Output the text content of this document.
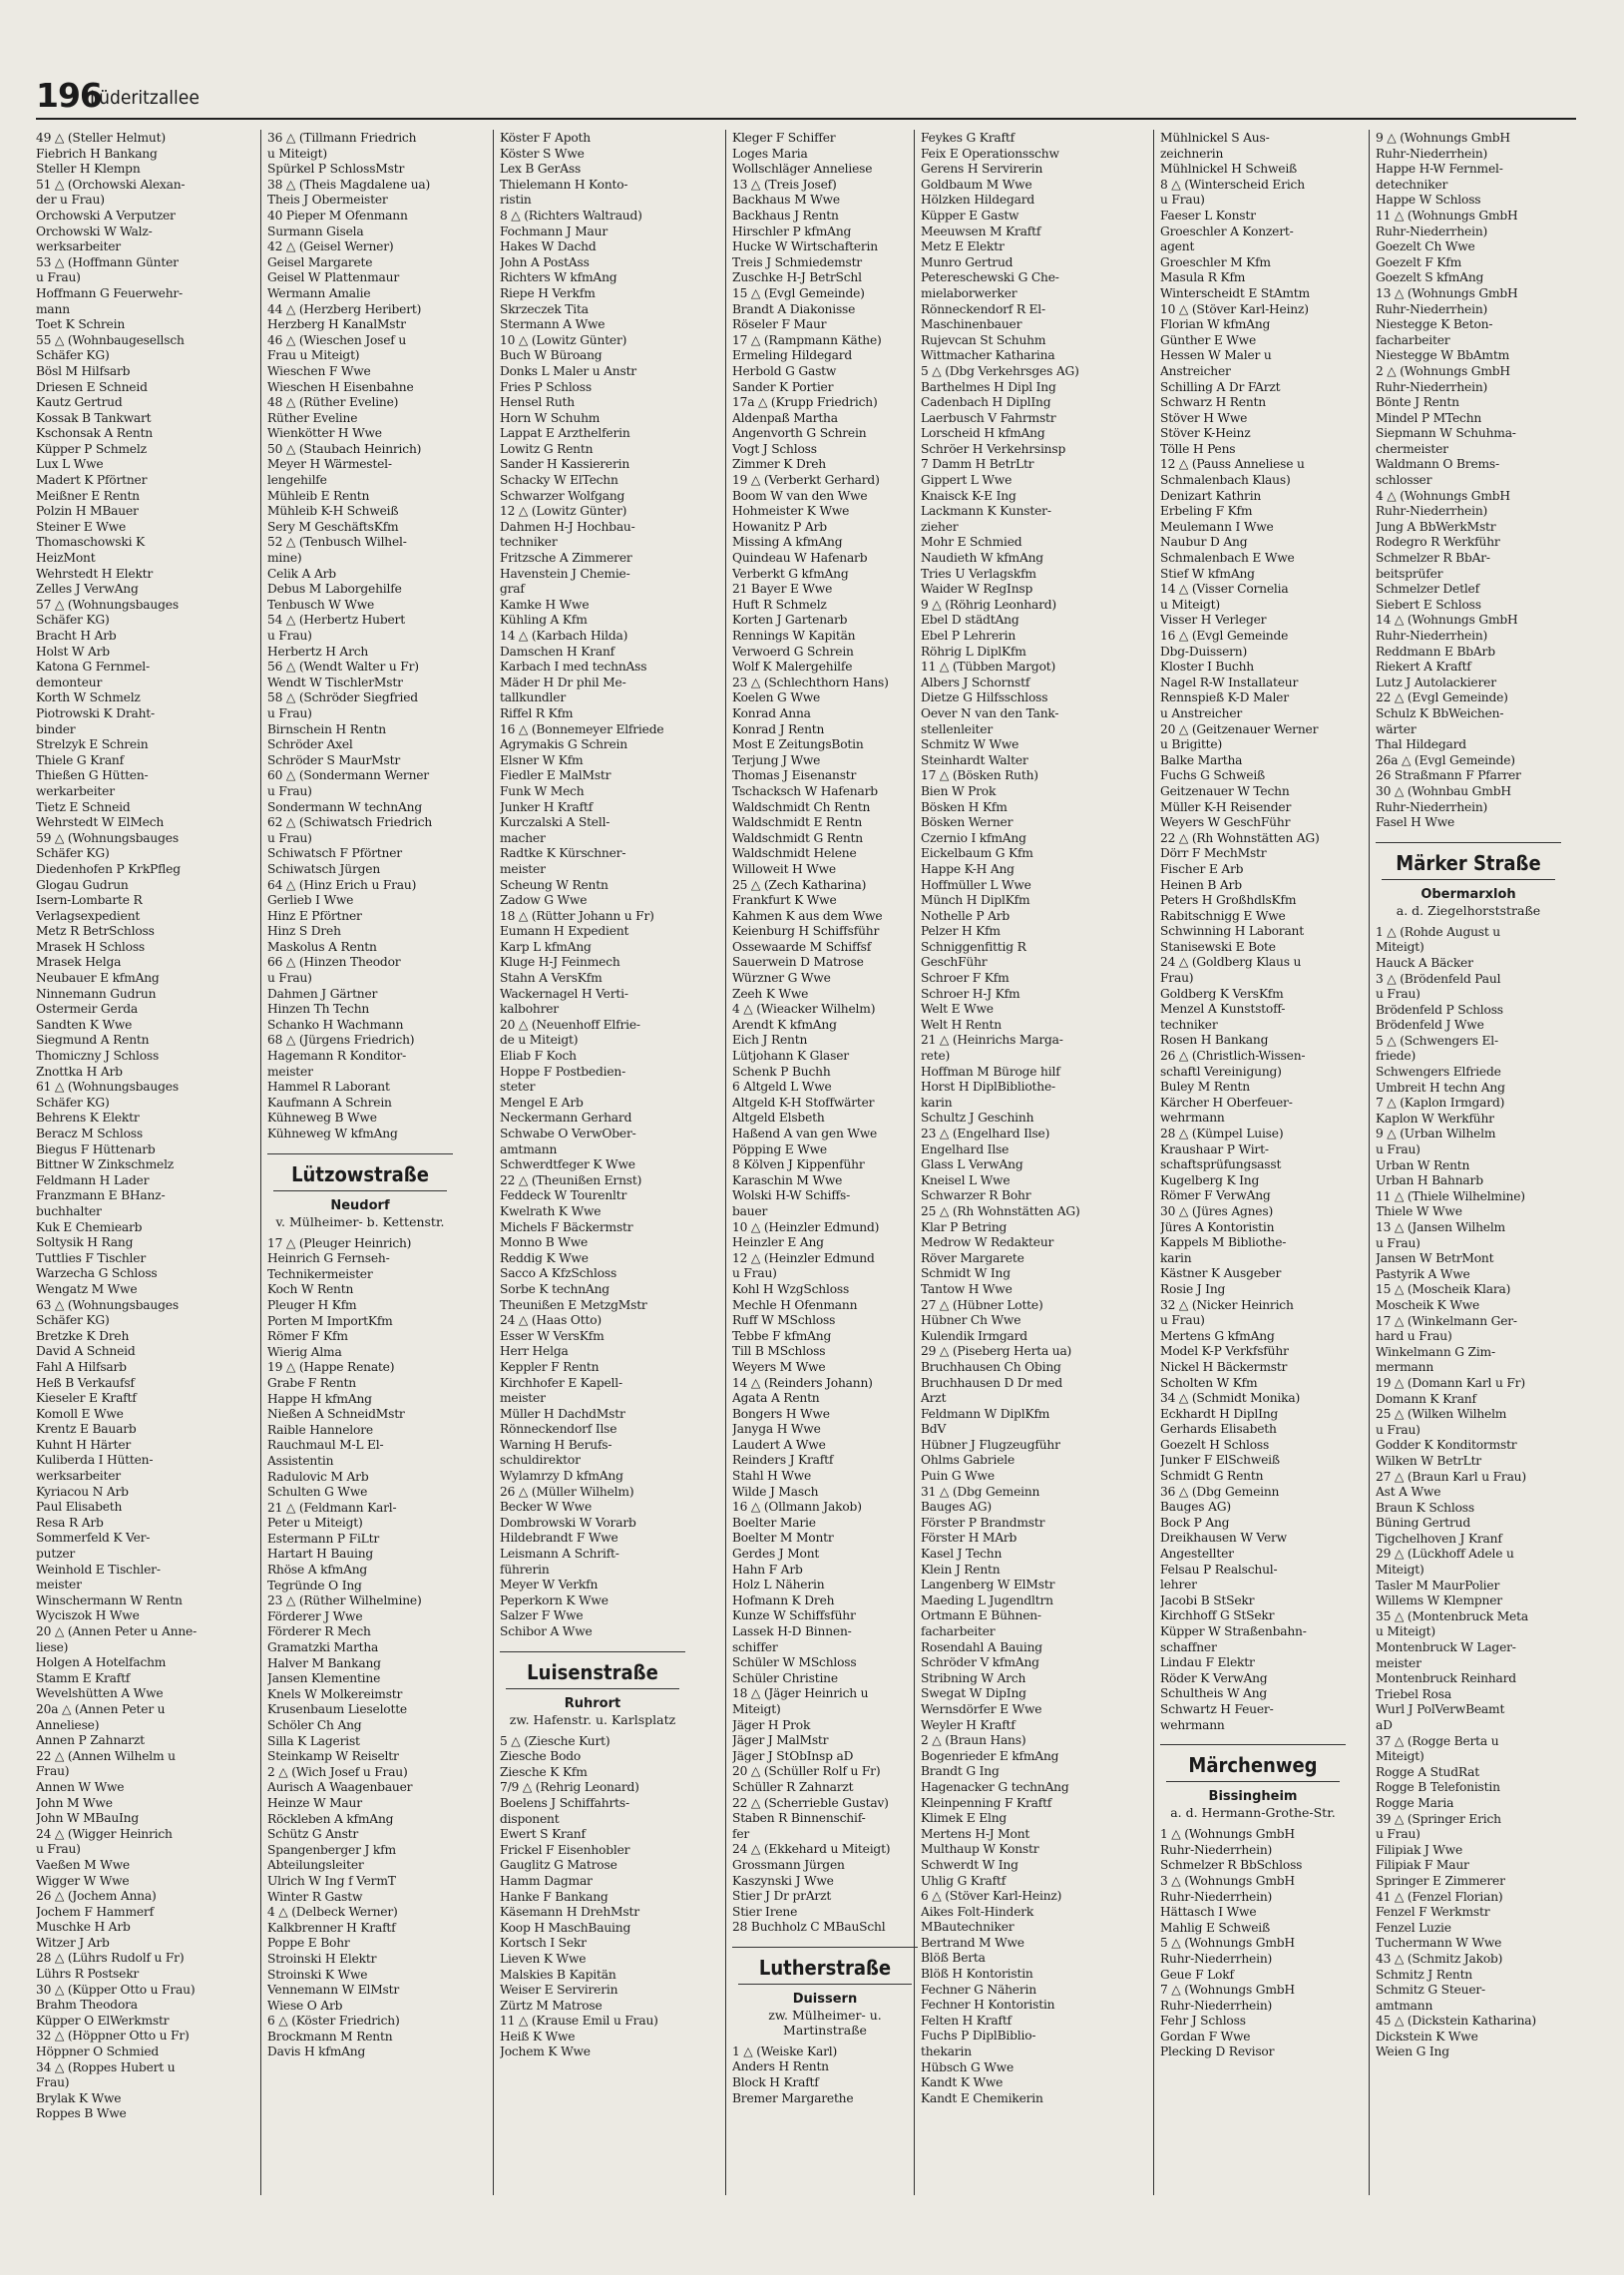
196
Lüderitzallee
49 △ (Steller Helmut)
Fiebrich H Bankang
Steller H Klempn
51 △ (Orchowski Alexan-
der u Frau)
Orchowski A Verputzer
Orchowski W Walz-
werksarbeiter
53 △ (Hoffmann Günter
u Frau)
Hoffmann G Feuerwehr-
mann
Toet K Schrein
55 △ (Wohnbaugesellsch
Schäfer KG)
Bösl M Hilfsarb
Driesen E Schneid
Kautz Gertrud
Kossak B Tankwart
Kschonsak A Rentn
Küpper P Schmelz
Lux L Wwe
Madert K Pförtner
Meißner E Rentn
Polzin H MBauer
Steiner E Wwe
Thomaschowski K
HeizMont
Wehrstedt H Elektr
Zelles J VerwAng
57 △ (Wohnungsbauges
Schäfer KG)
Bracht H Arb
Holst W Arb
Katona G Fernmel-
demonteur
Korth W Schmelz
Piotrowski K Draht-
binder
Strelzyk E Schrein
Thiele G Kranf
Thießen G Hütten-
werkarbeiter
Tietz E Schneid
Wehrstedt W ElMech
59 △ (Wohnungsbauges
Schäfer KG)
Diedenhofen P KrkPfleg
Glogau Gudrun
Isern-Lombarte R
Verlagsexpedient
Metz R BetrSchloss
Mrasek H Schloss
Mrasek Helga
Neubauer E kfmAng
Ninnemann Gudrun
Ostermeir Gerda
Sandten K Wwe
Siegmund A Rentn
Thomiczny J Schloss
Znottka H Arb
61 △ (Wohnungsbauges
Schäfer KG)
Behrens K Elektr
Beracz M Schloss
Biegus F Hüttenarb
Bittner W Zinkschmelz
Feldmann H Lader
Franzmann E BHanz-
buchhalter
Kuk E Chemiearb
Soltysik H Rang
Tuttlies F Tischler
Warzecha G Schloss
Wengatz M Wwe
63 △ (Wohnungsbauges
Schäfer KG)
Bretzke K Dreh
David A Schneid
Fahl A Hilfsarb
Heß B Verkaufsf
Kieseler E Kraftf
Komoll E Wwe
Krentz E Bauarb
Kuhnt H Härter
Kuliberda I Hütten-
werksarbeiter
Kyriacou N Arb
Paul Elisabeth
Resa R Arb
Sommerfeld K Ver-
putzer
Weinhold E Tischler-
meister
Winschermann W Rentn
Wyciszok H Wwe
20 △ (Annen Peter u Anne-
liese)
Holgen A Hotelfachm
Stamm E Kraftf
Wevelshütten A Wwe
20a △ (Annen Peter u
Anneliese)
Annen P Zahnarzt
22 △ (Annen Wilhelm u
Frau)
Annen W Wwe
John M Wwe
John W MBauIng
24 △ (Wigger Heinrich
u Frau)
Vaeßen M Wwe
Wigger W Wwe
26 △ (Jochem Anna)
Jochem F Hammerf
Muschke H Arb
Witzer J Arb
28 △ (Lührs Rudolf u Fr)
Lührs R Postsekr
30 △ (Küpper Otto u Frau)
Brahm Theodora
Küpper O ElWerkmstr
32 △ (Höppner Otto u Fr)
Höppner O Schmied
34 △ (Roppes Hubert u
Frau)
Brylak K Wwe
Roppes B Wwe
36 △ (Tillmann Friedrich
u Miteigt)
Spürkel P SchlossMstr
38 △ (Theis Magdalene ua)
Theis J Obermeister
40 Pieper M Ofenmann
Surmann Gisela
42 △ (Geisel Werner)
Geisel Margarete
Geisel W Plattenmaur
Wermann Amalie
44 △ (Herzberg Heribert)
Herzberg H KanalMstr
46 △ (Wieschen Josef u
Frau u Miteigt)
Wieschen F Wwe
Wieschen H Eisenbahne
48 △ (Rüther Eveline)
Rüther Eveline
Wienkötter H Wwe
50 △ (Staubach Heinrich)
Meyer H Wärmestel-
lengehilfe
Mühleib E Rentn
Mühleib K-H Schweiß
Sery M GeschäftsKfm
52 △ (Tenbusch Wilhel-
mine)
Celik A Arb
Debus M Laborgehilfe
Tenbusch W Wwe
54 △ (Herbertz Hubert
u Frau)
Herbertz H Arch
56 △ (Wendt Walter u Fr)
Wendt W TischlerMstr
58 △ (Schröder Siegfried
u Frau)
Birnschein H Rentn
Schröder Axel
Schröder S MaurMstr
60 △ (Sondermann Werner
u Frau)
Sondermann W technAng
62 △ (Schiwatsch Friedrich
u Frau)
Schiwatsch F Pförtner
Schiwatsch Jürgen
64 △ (Hinz Erich u Frau)
Gerlieb I Wwe
Hinz E Pförtner
Hinz S Dreh
Maskolus A Rentn
66 △ (Hinzen Theodor
u Frau)
Dahmen J Gärtner
Hinzen Th Techn
Schanko H Wachmann
68 △ (Jürgens Friedrich)
Hagemann R Konditor-
meister
Hammel R Laborant
Kaufmann A Schrein
Kühneweg B Wwe
Kühneweg W kfmAng
Lützowstraße
Neudorf
v. Mülheimer- b. Kettenstr.
17 △ (Pleuger Heinrich)
Heinrich G Fernseh-
Technikermeister
Koch W Rentn
Pleuger H Kfm
Porten M ImportKfm
Römer F Kfm
Wierig Alma
19 △ (Happe Renate)
Grabe F Rentn
Happe H kfmAng
Nießen A SchneidMstr
Raible Hannelore
Rauchmaul M-L El-
Assistentin
Radulovic M Arb
Schulten G Wwe
21 △ (Feldmann Karl-
Peter u Miteigt)
Estermann P FiLtr
Hartart H Bauing
Rhöse A kfmAng
Tegründe O Ing
23 △ (Rüther Wilhelmine)
Förderer J Wwe
Förderer R Mech
Gramatzki Martha
Halver M Bankang
Jansen Klementine
Knels W Molkereimstr
Krusenbaum Lieselotte
Schöler Ch Ang
Silla K Lagerist
Steinkamp W Reiseltr
2 △ (Wich Josef u Frau)
Aurisch A Waagenbauer
Heinze W Maur
Röckleben A kfmAng
Schütz G Anstr
Spangenberger J kfm
Abteilungsleiter
Ulrich W Ing f VermT
Winter R Gastw
4 △ (Delbeck Werner)
Kalkbrenner H Kraftf
Poppe E Bohr
Stroinski H Elektr
Stroinski K Wwe
Vennemann W ElMstr
Wiese O Arb
6 △ (Köster Friedrich)
Brockmann M Rentn
Davis H kfmAng
Köster F Apoth
Köster S Wwe
Lex B GerAss
Thielemann H Konto-
ristin
8 △ (Richters Waltraud)
Fochmann J Maur
Hakes W Dachd
John A PostAss
Richters W kfmAng
Riepe H Verkfm
Skrzeczek Tita
Stermann A Wwe
10 △ (Lowitz Günter)
Buch W Büroang
Donks L Maler u Anstr
Fries P Schloss
Hensel Ruth
Horn W Schuhm
Lappat E Arzthelferin
Lowitz G Rentn
Sander H Kassiererin
Schacky W ElTechn
Schwarzer Wolfgang
12 △ (Lowitz Günter)
Dahmen H-J Hochbau-
techniker
Fritzsche A Zimmerer
Havenstein J Chemie-
graf
Kamke H Wwe
Kühling A Kfm
14 △ (Karbach Hilda)
Damschen H Kranf
Karbach I med technAss
Mäder H Dr phil Me-
tallkundler
Riffel R Kfm
16 △ (Bonnemeyer Elfriede
Agrymakis G Schrein
Elsner W Kfm
Fiedler E MalMstr
Funk W Mech
Junker H Kraftf
Kurczalski A Stell-
macher
Radtke K Kürschner-
meister
Scheung W Rentn
Zadow G Wwe
18 △ (Rütter Johann u Fr)
Eumann H Expedient
Karp L kfmAng
Kluge H-J Feinmech
Stahn A VersKfm
Wackernagel H Verti-
kalbohrer
20 △ (Neuenhoff Elfrie-
de u Miteigt)
Eliab F Koch
Hoppe F Postbedien-
steter
Mengel E Arb
Neckermann Gerhard
Schwabe O VerwOber-
amtmann
Schwerdtfeger K Wwe
22 △ (Theunißen Ernst)
Feddeck W Tourenltr
Kwelrath K Wwe
Michels F Bäckermstr
Monno B Wwe
Reddig K Wwe
Sacco A KfzSchloss
Sorbe K technAng
Theunißen E MetzgMstr
24 △ (Haas Otto)
Esser W VersKfm
Herr Helga
Keppler F Rentn
Kirchhofer E Kapell-
meister
Müller H DachdMstr
Rönneckendorf Ilse
Warning H Berufs-
schuldirektor
Wylamrzy D kfmAng
26 △ (Müller Wilhelm)
Becker W Wwe
Dombrowski W Vorarb
Hildebrandt F Wwe
Leismann A Schrift-
führerin
Meyer W Verkfn
Peperkorn K Wwe
Salzer F Wwe
Schibor A Wwe
Luisenstraße
Ruhrort
zw. Hafenstr. u. Karlsplatz
5 △ (Ziesche Kurt)
Ziesche Bodo
Ziesche K Kfm
7/9 △ (Rehrig Leonard)
Boelens J Schiffahrts-
disponent
Ewert S Kranf
Frickel F Eisenhobler
Gauglitz G Matrose
Hamm Dagmar
Hanke F Bankang
Käsemann H DrehMstr
Koop H MaschBauing
Kortsch I Sekr
Lieven K Wwe
Malskies B Kapitän
Weiser E Servirerin
Zürtz M Matrose
11 △ (Krause Emil u Frau)
Heiß K Wwe
Jochem K Wwe
Kleger F Schiffer
Loges Maria
Wollschläger Anneliese
13 △ (Treis Josef)
Backhaus M Wwe
Backhaus J Rentn
Hirschler P kfmAng
Hucke W Wirtschafterin
Treis J Schmiedemstr
Zuschke H-J BetrSchl
15 △ (Evgl Gemeinde)
Brandt A Diakonisse
Röseler F Maur
17 △ (Rampmann Käthe)
Ermeling Hildegard
Herbold G Gastw
Sander K Portier
17a △ (Krupp Friedrich)
Aldenpaß Martha
Angenvorth G Schrein
Vogt J Schloss
Zimmer K Dreh
19 △ (Verberkt Gerhard)
Boom W van den Wwe
Hohmeister K Wwe
Howanitz P Arb
Missing A kfmAng
Quindeau W Hafenarb
Verberkt G kfmAng
21 Bayer E Wwe
Huft R Schmelz
Korten J Gartenarb
Rennings W Kapitän
Verwoerd G Schrein
Wolf K Malergehilfe
23 △ (Schlechthorn Hans)
Koelen G Wwe
Konrad Anna
Konrad J Rentn
Most E ZeitungsBotin
Terjung J Wwe
Thomas J Eisenanstr
Tschacksch W Hafenarb
Waldschmidt Ch Rentn
Waldschmidt E Rentn
Waldschmidt G Rentn
Waldschmidt Helene
Willoweit H Wwe
25 △ (Zech Katharina)
Frankfurt K Wwe
Kahmen K aus dem Wwe
Keienburg H Schiffsführ
Ossewaarde M Schiffsf
Sauerwein D Matrose
Würzner G Wwe
Zeeh K Wwe
4 △ (Wieacker Wilhelm)
Arendt K kfmAng
Eich J Rentn
Lütjohann K Glaser
Schenk P Buchh
6 Altgeld L Wwe
Altgeld K-H Stoffwärter
Altgeld Elsbeth
Haßend A van gen Wwe
Pöpping E Wwe
8 Kölven J Kippenführ
Karaschin M Wwe
Wolski H-W Schiffs-
bauer
10 △ (Heinzler Edmund)
Heinzler E Ang
12 △ (Heinzler Edmund
u Frau)
Kohl H WzgSchloss
Mechle H Ofenmann
Ruff W MSchloss
Tebbe F kfmAng
Till B MSchloss
Weyers M Wwe
14 △ (Reinders Johann)
Agata A Rentn
Bongers H Wwe
Janyga H Wwe
Laudert A Wwe
Reinders J Kraftf
Stahl H Wwe
Wilde J Masch
16 △ (Ollmann Jakob)
Boelter Marie
Boelter M Montr
Gerdes J Mont
Hahn F Arb
Holz L Näherin
Hofmann K Dreh
Kunze W Schiffsführ
Lassek H-D Binnen-
schiffer
Schüler W MSchloss
Schüler Christine
18 △ (Jäger Heinrich u
Miteigt)
Jäger H Prok
Jäger J MalMstr
Jäger J StObInsp aD
20 △ (Schüller Rolf u Fr)
Schüller R Zahnarzt
22 △ (Scherrieble Gustav)
Staben R Binnenschif-
fer
24 △ (Ekkehard u Miteigt)
Grossmann Jürgen
Kaszynski J Wwe
Stier J Dr prArzt
Stier Irene
28 Buchholz C MBauSchl
Lutherstraße
Duissern
zw. Mülheimer- u. Martinstraße
1 △ (Weiske Karl)
Anders H Rentn
Block H Kraftf
Bremer Margarethe
Feykes G Kraftf
Feix E Operationsschw
Gerens H Servirerin
Goldbaum M Wwe
Hölzken Hildegard
Küpper E Gastw
Meeuwsen M Kraftf
Metz E Elektr
Munro Gertrud
Petereschewski G Che-
mielaborwerker
Rönneckendorf R El-
Maschinenbauer
Rujevcan St Schuhm
Wittmacher Katharina
5 △ (Dbg Verkehrsges AG)
Barthelmes H Dipl Ing
Cadenbach H DiplIng
Laerbusch V Fahrmstr
Lorscheid H kfmAng
Schröer H Verkehrsinsp
7 Damm H BetrLtr
Gippert L Wwe
Knaisck K-E Ing
Lackmann K Kunster-
zieher
Mohr E Schmied
Naudieth W kfmAng
Tries U Verlagskfm
Waider W RegInsp
9 △ (Röhrig Leonhard)
Ebel D städtAng
Ebel P Lehrerin
Röhrig L DiplKfm
11 △ (Tübben Margot)
Albers J Schornstf
Dietze G Hilfsschloss
Oever N van den Tank-
stellenleiter
Schmitz W Wwe
Steinhardt Walter
17 △ (Bösken Ruth)
Bien W Prok
Bösken H Kfm
Bösken Werner
Czernio I kfmAng
Eickelbaum G Kfm
Happe K-H Ang
Hoffmüller L Wwe
Münch H DiplKfm
Nothelle P Arb
Pelzer H Kfm
Schniggenfittig R
GeschFühr
Schroer F Kfm
Schroer H-J Kfm
Welt E Wwe
Welt H Rentn
21 △ (Heinrichs Marga-
rete)
Hoffman M Büroge hilf
Horst H DiplBibliothe-
karin
Schultz J Geschinh
23 △ (Engelhard Ilse)
Engelhard Ilse
Glass L VerwAng
Kneisel L Wwe
Schwarzer R Bohr
25 △ (Rh Wohnstätten AG)
Klar P Betring
Medrow W Redakteur
Röver Margarete
Schmidt W Ing
Tantow H Wwe
27 △ (Hübner Lotte)
Hübner Ch Wwe
Kulendik Irmgard
29 △ (Piseberg Herta ua)
Bruchhausen Ch Obing
Bruchhausen D Dr med
Arzt
Feldmann W DiplKfm
BdV
Hübner J Flugzeugführ
Ohlms Gabriele
Puin G Wwe
31 △ (Dbg Gemeinn
Bauges AG)
Förster P Brandmstr
Förster H MArb
Kasel J Techn
Klein J Rentn
Langenberg W ElMstr
Maeding L Jugendltrn
Ortmann E Bühnen-
facharbeiter
Rosendahl A Bauing
Schröder V kfmAng
Stribning W Arch
Swegat W DipIng
Wernsdörfer E Wwe
Weyler H Kraftf
2 △ (Braun Hans)
Bogenrieder E kfmAng
Brandt G Ing
Hagenacker G technAng
Kleinpenning F Kraftf
Klimek E Elng
Mertens H-J Mont
Multhaup W Konstr
Schwerdt W Ing
Uhlig G Kraftf
6 △ (Stöver Karl-Heinz)
Aikes Folt-Hinderk
MBautechniker
Bertrand M Wwe
Blöß Berta
Blöß H Kontoristin
Fechner G Näherin
Fechner H Kontoristin
Felten H Kraftf
Fuchs P DiplBiblio-
thekarin
Hübsch G Wwe
Kandt K Wwe
Kandt E Chemikerin
Mühlnickel S Aus-
zeichnerin
Mühlnickel H Schweiß
8 △ (Winterscheid Erich
u Frau)
Faeser L Konstr
Groeschler A Konzert-
agent
Groeschler M Kfm
Masula R Kfm
Winterscheidt E StAmtm
10 △ (Stöver Karl-Heinz)
Florian W kfmAng
Günther E Wwe
Hessen W Maler u
Anstreicher
Schilling A Dr FArzt
Schwarz H Rentn
Stöver H Wwe
Stöver K-Heinz
Tölle H Pens
12 △ (Pauss Anneliese u
Schmalenbach Klaus)
Denizart Kathrin
Erbeling F Kfm
Meulemann I Wwe
Naubur D Ang
Schmalenbach E Wwe
Stief W kfmAng
14 △ (Visser Cornelia
u Miteigt)
Visser H Verleger
16 △ (Evgl Gemeinde
Dbg-Duissern)
Kloster I Buchh
Nagel R-W Installateur
Rennspieß K-D Maler
u Anstreicher
20 △ (Geitzenauer Werner
u Brigitte)
Balke Martha
Fuchs G Schweiß
Geitzenauer W Techn
Müller K-H Reisender
Weyers W GeschFühr
22 △ (Rh Wohnstätten AG)
Dörr F MechMstr
Fischer E Arb
Heinen B Arb
Peters H GroßhdlsKfm
Rabitschnigg E Wwe
Schwinning H Laborant
Stanisewski E Bote
24 △ (Goldberg Klaus u
Frau)
Goldberg K VersKfm
Menzel A Kunststoff-
techniker
Rosen H Bankang
26 △ (Christlich-Wissen-
schaftl Vereinigung)
Buley M Rentn
Kärcher H Oberfeuer-
wehrmann
28 △ (Kümpel Luise)
Kraushaar P Wirt-
schaftsprüfungsasst
Kugelberg K Ing
Römer F VerwAng
30 △ (Jüres Agnes)
Jüres A Kontoristin
Kappels M Bibliothe-
karin
Kästner K Ausgeber
Rosie J Ing
32 △ (Nicker Heinrich
u Frau)
Mertens G kfmAng
Model K-P Verkfsführ
Nickel H Bäckermstr
Scholten W Kfm
34 △ (Schmidt Monika)
Eckhardt H DiplIng
Gerhards Elisabeth
Goezelt H Schloss
Junker F ElSchweiß
Schmidt G Rentn
36 △ (Dbg Gemeinn
Bauges AG)
Bock P Ang
Dreikhausen W Verw
Angestellter
Felsau P Realschul-
lehrer
Jacobi B StSekr
Kirchhoff G StSekr
Küpper W Straßenbahn-
schaffner
Lindau F Elektr
Röder K VerwAng
Schultheis W Ang
Schwartz H Feuer-
wehrmann
Märchenweg
Bissingheim
a. d. Hermann-Grothe-Str.
1 △ (Wohnungs GmbH
Ruhr-Niederrhein)
Schmelzer R BbSchloss
3 △ (Wohnungs GmbH
Ruhr-Niederrhein)
Hättasch I Wwe
Mahlig E Schweiß
5 △ (Wohnungs GmbH
Ruhr-Niederrhein)
Geue F Lokf
7 △ (Wohnungs GmbH
Ruhr-Niederrhein)
Fehr J Schloss
Gordan F Wwe
Plecking D Revisor
9 △ (Wohnungs GmbH
Ruhr-Niederrhein)
Happe H-W Fernmel-
detechniker
Happe W Schloss
11 △ (Wohnungs GmbH
Ruhr-Niederrhein)
Goezelt Ch Wwe
Goezelt F Kfm
Goezelt S kfmAng
13 △ (Wohnungs GmbH
Ruhr-Niederrhein)
Niestegge K Beton-
facharbeiter
Niestegge W BbAmtm
2 △ (Wohnungs GmbH
Ruhr-Niederrhein)
Bönte J Rentn
Mindel P MTechn
Siepmann W Schuhma-
chermeister
Waldmann O Brems-
schlosser
4 △ (Wohnungs GmbH
Ruhr-Niederrhein)
Jung A BbWerkMstr
Rodegro R Werkführ
Schmelzer R BbAr-
beitsprüfer
Schmelzer Detlef
Siebert E Schloss
14 △ (Wohnungs GmbH
Ruhr-Niederrhein)
Reddmann E BbArb
Riekert A Kraftf
Lutz J Autolackierer
22 △ (Evgl Gemeinde)
Schulz K BbWeichen-
wärter
Thal Hildegard
26a △ (Evgl Gemeinde)
26 Straßmann F Pfarrer
30 △ (Wohnbau GmbH
Ruhr-Niederrhein)
Fasel H Wwe
Märker Straße
Obermarxloh
a. d. Ziegelhorststraße
1 △ (Rohde August u
Miteigt)
Hauck A Bäcker
3 △ (Brödenfeld Paul
u Frau)
Brödenfeld P Schloss
Brödenfeld J Wwe
5 △ (Schwengers El-
friede)
Schwengers Elfriede
Umbreit H techn Ang
7 △ (Kaplon Irmgard)
Kaplon W Werkführ
9 △ (Urban Wilhelm
u Frau)
Urban W Rentn
Urban H Bahnarb
11 △ (Thiele Wilhelmine)
Thiele W Wwe
13 △ (Jansen Wilhelm
u Frau)
Jansen W BetrMont
Pastyrik A Wwe
15 △ (Moscheik Klara)
Moscheik K Wwe
17 △ (Winkelmann Ger-
hard u Frau)
Winkelmann G Zim-
mermann
19 △ (Domann Karl u Fr)
Domann K Kranf
25 △ (Wilken Wilhelm
u Frau)
Godder K Konditormstr
Wilken W BetrLtr
27 △ (Braun Karl u Frau)
Ast A Wwe
Braun K Schloss
Büning Gertrud
Tigchelhoven J Kranf
29 △ (Lückhoff Adele u
Miteigt)
Tasler M MaurPolier
Willems W Klempner
35 △ (Montenbruck Meta
u Miteigt)
Montenbruck W Lager-
meister
Montenbruck Reinhard
Triebel Rosa
Wurl J PolVerwBeamt
aD
37 △ (Rogge Berta u
Miteigt)
Rogge A StudRat
Rogge B Telefonistin
Rogge Maria
39 △ (Springer Erich
u Frau)
Filipiak J Wwe
Filipiak F Maur
Springer E Zimmerer
41 △ (Fenzel Florian)
Fenzel F Werkmstr
Fenzel Luzie
Tuchermann W Wwe
43 △ (Schmitz Jakob)
Schmitz J Rentn
Schmitz G Steuer-
amtmann
45 △ (Dickstein Katharina)
Dickstein K Wwe
Weien G Ing
